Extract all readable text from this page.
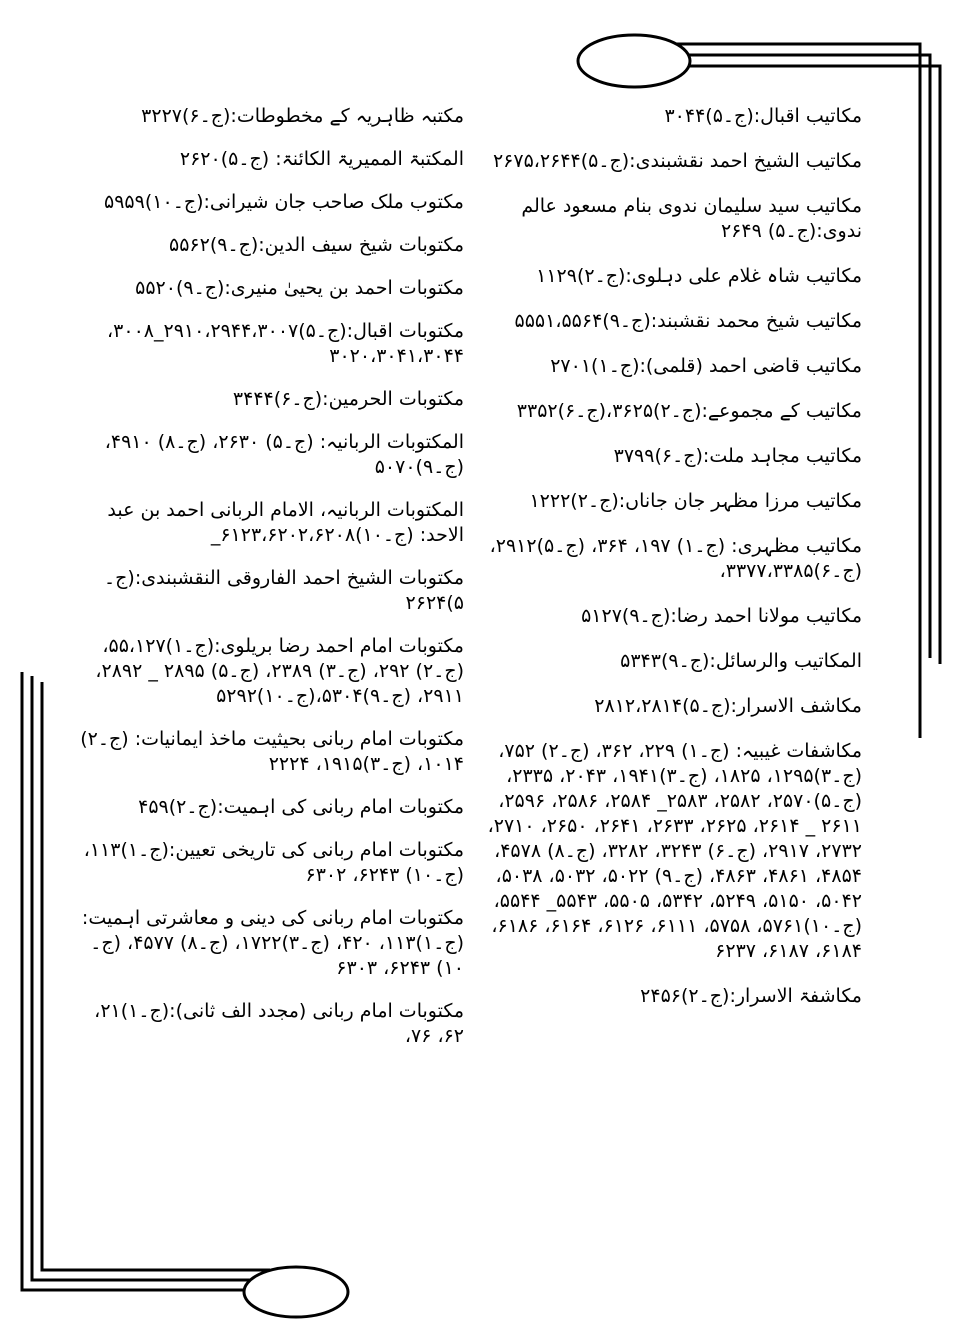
مکاتیب اقبال:(ج۔۵)۳۰۴۴

مکاتیب الشیخ احمد نقشبندی:(ج۔۵)۲۶۷۵،۲۶۴۴

مکاتیب سید سلیمان ندوی بنام مسعود عالم ندوی:(ج۔۵) ۲۶۴۹

مکاتیب شاہ غلام علی دہلوی:(ج۔۲)۱۱۲۹

مکاتیب شیخ محمد نقشبند:(ج۔۹)۵۵۵۱،۵۵۶۴

مکاتیب قاضی احمد (قلمی):(ج۔۱)۲۷۰۱

مکاتیب کے مجموعے:(ج۔۲)۳۶۲۵،(ج۔۶)۳۳۵۲

مکاتیب مجاہد ملت:(ج۔۶)۳۷۹۹

مکاتیب مرزا مظہر جان جاناں:(ج۔۲)۱۲۲۲

مکاتیب مظہری: (ج۔۱) ۱۹۷، ۳۶۴، (ج۔۵)۲۹۱۲، (ج۔۶)۳۳۷۷،۳۳۸۵،

مکاتیب مولانا احمد رضا:(ج۔۹)۵۱۲۷

المکاتیب والرسائل:(ج۔۹)۵۳۴۳

مکاشف الاسرار:(ج۔۵)۲۸۱۲،۲۸۱۴

مکاشفات غیبیہ: (ج۔۱) ۲۲۹، ۳۶۲، (ج۔۲) ۷۵۲، (ج۔۳)۱۲۹۵، ۱۸۲۵، (ج۔۳)۱۹۴۱، ۲۰۴۳، ۲۳۳۵، (ج۔۵)۲۵۷۰، ۲۵۸۲، ۲۵۸۳_ ۲۵۸۴، ۲۵۸۶، ۲۵۹۶، ۲۶۱۱ _ ۲۶۱۴، ۲۶۲۵، ۲۶۳۳، ۲۶۴۱، ۲۶۵۰، ۲۷۱۰، ۲۷۳۲، ۲۹۱۷، (ج۔۶) ۳۲۴۳، ۳۲۸۲، (ج۔۸) ۴۵۷۸، ۴۸۵۴، ۴۸۶۱، ۴۸۶۳، (ج۔۹) ۵۰۲۲، ۵۰۳۲، ۵۰۳۸، ۵۰۴۲، ۵۱۵۰، ۵۲۴۹، ۵۳۴۲، ۵۵۰۵، ۵۵۴۳_ ۵۵۴۴، (ج۔۱۰)۵۷۶۱، ۵۷۵۸، ۶۱۱۱، ۶۱۲۶، ۶۱۶۴، ۶۱۸۶، ۶۱۸۴، ۶۱۸۷، ۶۲۳۷

مکاشفۃ الاسرار:(ج۔۲)۲۴۵۶

مکتبہ ظاہریہ کے مخطوطات:(ج۔۶)۳۲۲۷

المکتبۃ الممیریۃ الکائنۃ: (ج۔۵)۲۶۲۰

مکتوب ملک صاحب جان شیرانی:(ج۔۱۰)۵۹۵۹

مکتوبات شیخ سیف الدین:(ج۔۹)۵۵۶۲

مکتوبات احمد بن یحییٰ منیری:(ج۔۹)۵۵۲۰

مکتوبات اقبال:(ج۔۵)۲۹۱۰،۲۹۴۴،۳۰۰۷_۳۰۰۸، ۳۰۲۰،۳۰۴۱،۳۰۴۴

مکتوبات الحرمین:(ج۔۶)۳۴۴۴

المکتوبات الربانیہ: (ج۔۵) ۲۶۳۰، (ج۔۸) ۴۹۱۰، (ج۔۹)۵۰۷۰

المکتوبات الربانیہ، الامام الربانی احمد بن عبد الاحد: (ج۔۱۰)۶۱۲۳،۶۲۰۲،۶۲۰۸_

مکتوبات الشیخ احمد الفاروقی النقشبندی:(ج۔۵)۲۶۲۴

مکتوبات امام احمد رضا بریلوی:(ج۔۱)۵۵،۱۲۷،(ج۔۲) ۲۹۲، (ج۔۳) ۲۳۸۹، (ج۔۵) ۲۸۹۵ _ ۲۸۹۲، ۲۹۱۱، (ج۔۹)۵۳۰۴،(ج۔۱۰)۵۲۹۲

مکتوبات امام ربانی بحیثیت ماخذ ایمانیات: (ج۔۲) ۱۰۱۴، (ج۔۳)۱۹۱۵، ۲۲۲۴

مکتوبات امام ربانی کی اہمیت:(ج۔۲)۴۵۹

مکتوبات امام ربانی کی تاریخی تعیین:(ج۔۱)۱۱۳، (ج۔۱۰) ۶۲۴۳، ۶۳۰۲

مکتوبات امام ربانی کی دینی و معاشرتی اہمیت:(ج۔۱)۱۱۳، ۴۲۰، (ج۔۳)۱۷۲۲، (ج۔۸) ۴۵۷۷، (ج۔۱۰) ۶۲۴۳، ۶۳۰۳

مکتوبات امام ربانی (مجدد الف ثانی):(ج۔۱)۲۱، ۶۲، ۷۶،
